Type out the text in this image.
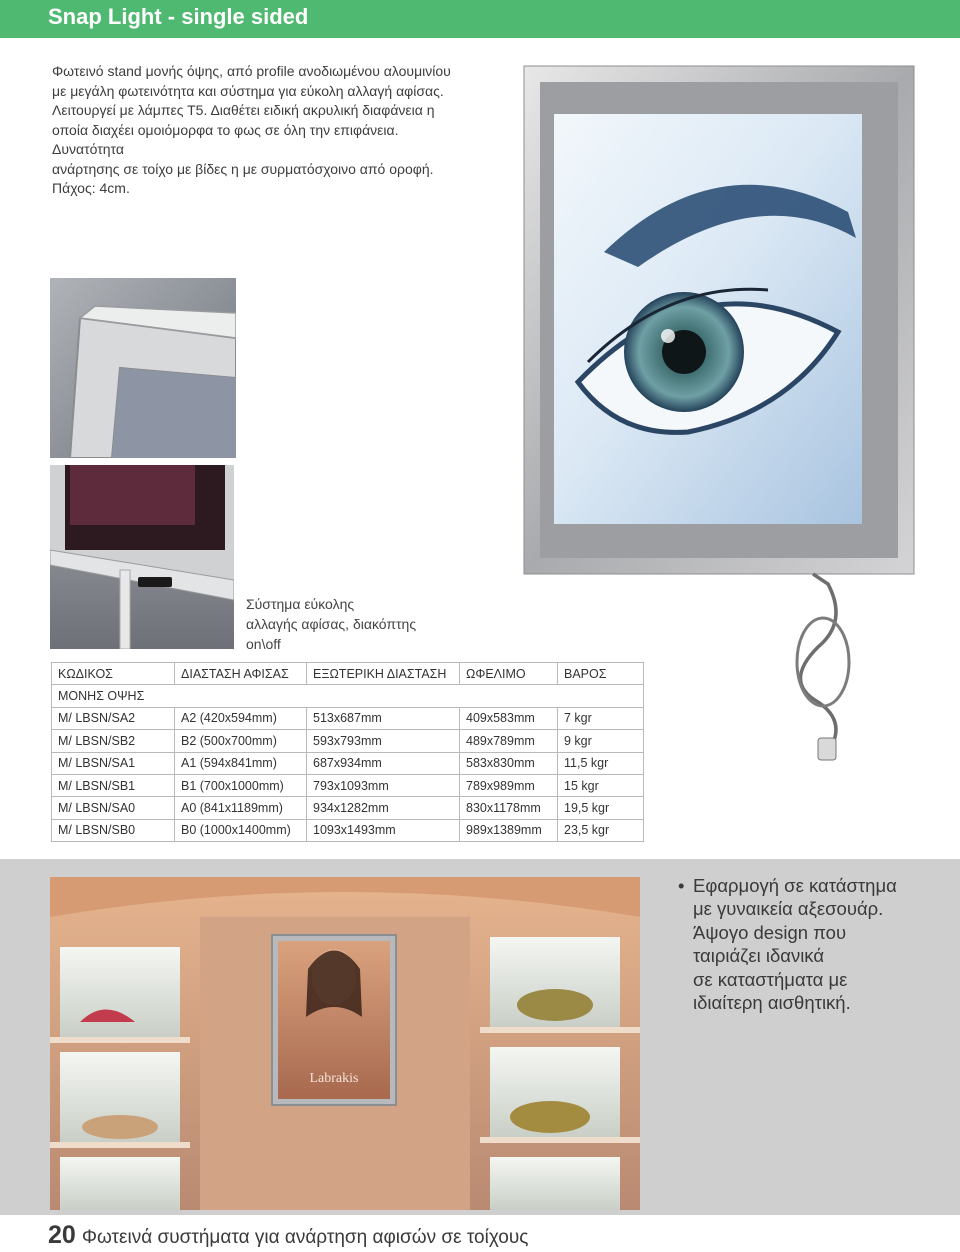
Snap Light - single sided
Φωτεινό stand μονής όψης, από profile ανοδιωμένου αλουμινίου
με μεγάλη φωτεινότητα και σύστημα για εύκολη αλλαγή αφίσας.
Λειτουργεί με λάμπες Τ5. Διαθέτει ειδική ακρυλική διαφάνεια η
οποία διαχέει ομοιόμορφα το φως σε όλη την επιφάνεια. Δυνατότητα
ανάρτησης σε τοίχο με βίδες η με συρματόσχοινο από οροφή.
Πάχος: 4cm.
Σύστημα εύκολης
αλλαγής αφίσας, διακόπτης
on\off
ΚΩΔΙΚΟΣ	ΔΙΑΣΤΑΣΗ ΑΦΙΣΑΣ	ΕΞΩΤΕΡΙΚΗ ΔΙΑΣΤΑΣΗ	ΩΦΕΛΙΜΟ	ΒΑΡΟΣ
ΜΟΝΗΣ ΟΨΗΣ				
M/ LBSN/SA2	A2 (420x594mm)	513x687mm	409x583mm	7 kgr
M/ LBSN/SB2	B2 (500x700mm)	593x793mm	489x789mm	9 kgr
M/ LBSN/SA1	A1 (594x841mm)	687x934mm	583x830mm	11,5 kgr
M/ LBSN/SB1	B1 (700x1000mm)	793x1093mm	789x989mm	15 kgr
M/ LBSN/SA0	A0 (841x1189mm)	934x1282mm	830x1178mm	19,5 kgr
M/ LBSN/SB0	B0 (1000x1400mm)	1093x1493mm	989x1389mm	23,5 kgr
Labrakis
• Εφαρμογή σε κατάστημα
με γυναικεία αξεσουάρ.
Άψογο design που
ταιριάζει ιδανικά
σε καταστήματα με
ιδιαίτερη αισθητική.
20 Φωτεινά συστήματα για ανάρτηση αφισών σε τοίχους
